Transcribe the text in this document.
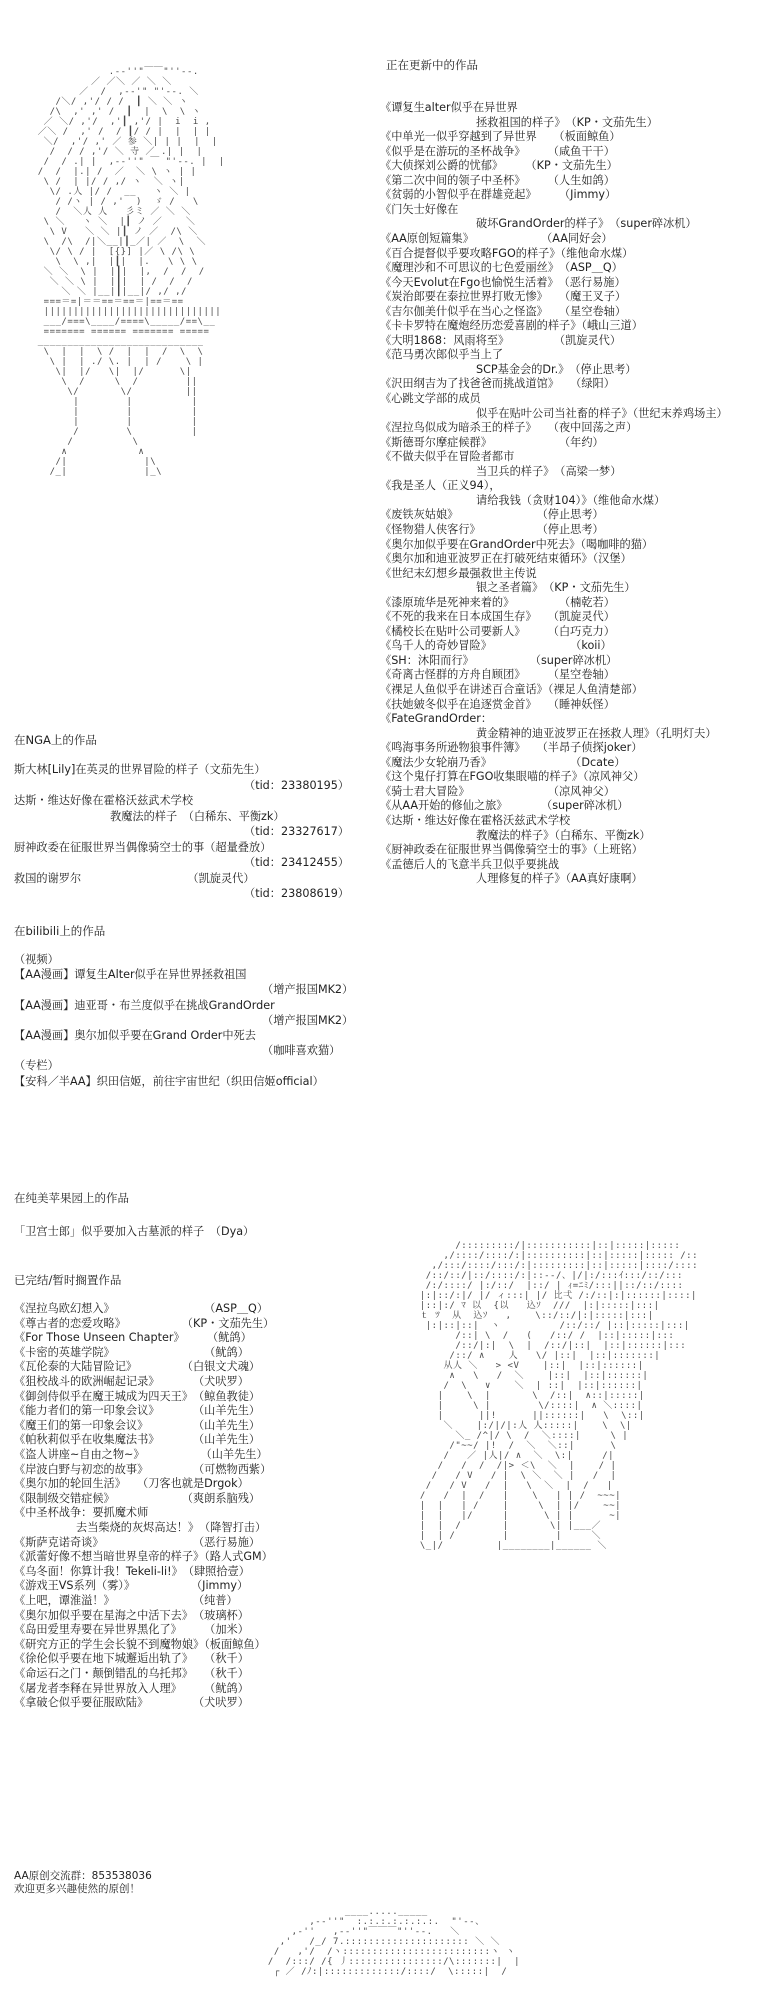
.-‐''"￣￣"''‐-.
／ ／＼ ／ ＼ ＼
／  /  ,-‐'" "'‐-. ＼
/＼/ ,'/ / /  ┃ ＼ ＼ ヽ
/\  ,' ,' /  ┃  |  \  \ ヽ
／ ＼/ ,'/  ,'┃ ,'/ |  i  i ,
／＼ /  ,' /  / ┃/ / |  |  | |
＼/  ,'/ ,' ／ 参 ＼| | |  |  |
/  / / ,'/ ＼ 寺 ／ .| |  |
/  / .| |  ,-‐''" ￣ "'‐-. |  |
/  /  |.| /  ／  ＼ \ ヽ | |
\ /  | |/ / ,/ ヽ  ＼ ヽ|
\/ .人 |/ /  __   ヽ ＼ |
/ /ヽ | / ,'  )  ゞ /   \
/  ＼人 人   彡ミ ／ ＼ ＼
\ ＼   ヽ ＼  |┃ ノ ／    ＼
\ V   ＼ ＼ |┃ ノ ／  /\ ＼
\  /\  /|＼__|┃_／| ／  \  ＼
\/ \ / |  [{}] |／ \ /\ \
\  \ ,|  |┃|  |.   \ \ \
＼ ＼  \ |  |┃|  |,  /  /  /
＼ ＼ \ |  |┃|  | /  /  /
＼ ＼ |__|┃|__|/ ,/ ,/
===＝=|＝＝==＝==＝|==＝==
||||||||||||||||||||||||||||||
___/===\____/====\_____/==\__
======= ====== ======= =====
____________________________
\  |  |  \ /  |  |  /  \  \
\ |  | ./ \. |  | /    \ |
\|  |/   \|  |/      \|
\  /     \  /        ||
\/       \/         ||
|        |          |
|        |          |
|        |          |
/        \          |
/          \
∧            ∧
/|             |\
/_|             |_\

正在更新中的作品
《谭复生alter似乎在异世界
拯救祖国的样子》　（KP・文茄先生）
《中单光一似乎穿越到了异世界　　（板面鲸鱼）
《似乎是在游玩的圣杯战争》　　　（咸鱼干干）
《大侦探刘公爵的忧郁》　　　（KP・文茄先生）
《第二次中间的领子中圣杯》　　　（人生如鸽）
《贫弱的小智似乎在群雄竞起》　　　（Jimmy）
《门矢士好像在
破坏GrandOrder的样子》　（super碎冰机）
《AA原创短篇集》　　　　　　　（AA同好会）
《百合提督似乎要攻略FGO的样子》（维他命水煤）
《魔理沙和不可思议的七色爱丽丝》　（ASP＿Q）
《今天Evolut在Fgo也愉悦生活着》　（恶行易施）
《炭治郎要在泰拉世界打败无惨》　　（魔王叉子）
《吉尔伽美什似乎在当心之怪盗》　　（星空卷轴）
《卡卡罗特在魔炮经历恋爱喜剧的样子》（峨山三道）
《大明1868：风雨将至》　　　　　（凯旋灵代）
《范马勇次郎似乎当上了
SCP基金会的Dr.》　（停止思考）
《沢田纲吉为了找爸爸而挑战道馆》　　（绿阳）
《心跳文学部的成员
似乎在贴叶公司当社畜的样子》（世纪末养鸡场主）
《涅拉鸟似成为暗杀王的样子》　　（夜中回荡之声）
《斯德哥尔摩症候群》　　　　　　　（年约）
《不做夫似乎在冒险者都市
当卫兵的样子》　（高梁一梦）
《我是圣人（正义94），
请给我钱（贪财104）》（维他命水煤）
《废铁灰姑娘》　　　　　　　　（停止思考）
《怪物猎人侠客行》　　　　　　（停止思考）
《奥尔加似乎要在GrandOrder中死去》（喝咖啡的猫）
《奥尔加和迪亚波罗正在打破死结束循环》（汉堡）
《世纪末幻想乡最强救世主传说
银之圣者篇》　（KP・文茄先生）
《漆原琉华是死神来着的》　　　　　（楠乾若）
《不死的我来在日本成国生存》　　（凯旋灵代）
《橘校长在贴叶公司要新人》　　　（白巧克力）
《鸟千人的奇妙冒险》　　　　　　　　（koii）
《SH：沐阳而行》　　　　　　（super碎冰机）
《奇离古怪群的方舟自顾团》　　　（星空卷轴）
《裸足人鱼似乎在讲述百合童话》（裸足人鱼清楚部）
《扶她皴冬似乎在追逐赏金首》　　（睡神妖怪）
《FateGrandOrder：
黄金精神的迪亚波罗正在拯救人理》（孔明灯夫）
《鸣海事务所逊物狼事件簿》　　（半昂子侦探joker）
《魔法少女轮崩乃香》　　　　　　　　（Dcate）
《这个鬼仔打算在FGO收集眼喵的样子》（凉风神父）
《骑士君大冒险》　　　　　　　　（凉风神父）
《从AA开始的修仙之旅》　　　　（super碎冰机）
《达斯・维达好像在霍格沃兹武术学校
教魔法的样子》（白稀东、平衡zk）
《厨神政委在征服世界当偶像骑空士的事》（上班铭）
《孟德后人的飞意半兵卫似乎要挑战
人理修复的样子》（AA真好康啊）
在NGA上的作品
斯大林[Lily]在英灵的世界冒险的样子（文茄先生）
（tid：23380195）
达斯・维达好像在霍格沃兹武术学校
教魔法的样子　（白稀东、平衡zk）
（tid：23327617）
厨神政委在征服世界当偶像骑空士的事（超量叠放）
（tid：23412455）
救国的谢罗尔　　　　　　　　　　（凯旋灵代）
（tid：23808619）
在bilibili上的作品
（视频）
【AA漫画】谭复生Alter似乎在异世界拯救祖国
（增产报国MK2）
【AA漫画】迪亚哥・布兰度似乎在挑战GrandOrder
（增产报国MK2）
【AA漫画】奥尔加似乎要在Grand Order中死去
（咖啡喜欢猫）
（专栏）
【安科／半AA】织田信姬，前往宇宙世纪（织田信姬official）
在纯美苹果园上的作品
「卫宫士郎」似乎要加入古墓派的样子　（Dya）
已完结/暂时搁置作品
《涅拉鸟欧幻想入》　　　　　　　　　（ASP＿Q）
《尊古者的恋爱攻略》　　　　　　（KP・文茄先生）
《For Those Unseen Chapter》　　　（鱿鸽）
《卡密的英雄学院》　　　　　　　　　（鱿鸽）
《瓦伦泰的大陆冒险记》　　　　　（白银文犬魂）
《狙校战斗的欧洲崛起记录》　　　　（犬吠罗）
《御剑侍似乎在魔王城成为四天王》　（鲸鱼教徒）
《能力者们的第一印象会议》　　　　（山羊先生）
《魔王们的第一印象会议》　　　　　（山羊先生）
《帕秋莉似乎在收集魔法书》　　　　（山羊先生）
《盗人讲座~自由之物~》　　　　　　（山羊先生）
《岸波白野与初恋的故事》　　　　　（可燃物西紫）
《奥尔加的轮回生活》　　（刀客也就是Drgok）
《限制级交错症候》　　　　　　　（爽朗系脑残）
《中圣杯战争：要抓魔术师
去当柴烧的灰烬高达！》　（降智打击）
《斯萨克诺奇谈》　　　　　　　　　（恶行易施）
《派蕾好像不想当暗世界皇帝的样子》（路人式GM）
《乌冬面！你算计我！Tekeli-li!》　（肆照拾壹）
《游戏王VS系列（雾）》　　　　　　（Jimmy）
《上吧，谭淮溢！》　　　　　　　　（纯普）
《奥尔加似乎要在星海之中活下去》　（玻璃杯）
《岛田爱里寿要在异世界黑化了》　　　（加米）
《研究方正的学生会长貌不到魔物娘》（板面鲸鱼）
《徐伦似乎要在地下城邂逅出轨了》　　（秋千）
《命运石之门・颠倒错乱的乌托邦》　　（秋千）
《屠龙者李释在异世界放入人理》　　　（鱿鸽）
《拿破仑似乎要征服欧陆》　　　　　（犬吠罗）
/:::::::::/|:::::::::::|::|:::::|:::::
,/::::/::::/:|::::::::::|::|:::::|::::: /::
,/:::/::::/:::/:|:::::::::|::|:::::|::::/::::
/::/::/|::/::::/:|::‐-/、|/|:/:::ｲ:::/::/:::
/:/::::/ |:/::/  |::/ | ｨ=ﾆﾐ/:::||::/::/::::
|:|::/:|/ |/ ィ:::| |/ 比弌 /:/::|:|::::::|::::|
|::|:/ ﾏ 以  {以   込ｿ  ///  |:|:::::|:::|
ｔ ﾂ  从  込ｿ   ,    \::/::/|:|:::::|:::|
|:|::|::|  ヽ          /::/::/ |::|:::::|:::|
/::| \  /   (   /::/ /  |::|:::::|:::
/::/|:|  \  |  /::/|::|  |::|::::::|:::
/::/ ∧    人   \/ |::|  |::|:::::::|
从人 ＼   > <V    |::|  |::|::::::|
∧   \   /  ＼    |::|  |::|::::::|
/  \   ∨    ＼  | ::|  |::|::::::|
|    \  |       \  /::|  ∧::|:::::|
|     \ |        \/::::|  ∧ ＼::::|
|      ||!      ||::::::|   \  \::|
＼    |:/|/|:人 人:::::|    \  \|
＼_ /^|/ \  /  ＼::::|     \ |
/"~~/ |!  /  ＼  ＼::|      \
/   ／ |人|/ ∧  ＼  \:|     /|
/   /  /  /|> ＜\  ＼  |    / |
/   / V   / |  \ ＼  ＼ |   /  |
/   / V   /  |   \  ＼  |  /   |
/   /  |  /   |    \   | | /  ~~~|
|  |   | /    |     \  | |/    ~~|
|  |   |/     |      \ | |      ~|
|  |  /       |       \| |___／
|  | /        |        |     ＼
\_|/         |________|______ ＼

AA原创交流群：853538036
欢迎更多兴趣使然的原创！
____....._____
,-‐''"  :.:.:.:.:.:.:.  "'‐-、
,-''   ,-‐''"￣￣￣"''‐-.   ＼
,'   /_/ 7.::::::::::::::::::::: ＼ ＼
/   ,'/  /ヽ:::::::::::::::::::::::::ヽ ヽ
/  /:::/ /{ 丿::::::::::::::::/\:::::::|  |
┌ ／ /ﾉ:|:::::::::::::/::::/  \:::::|  /
